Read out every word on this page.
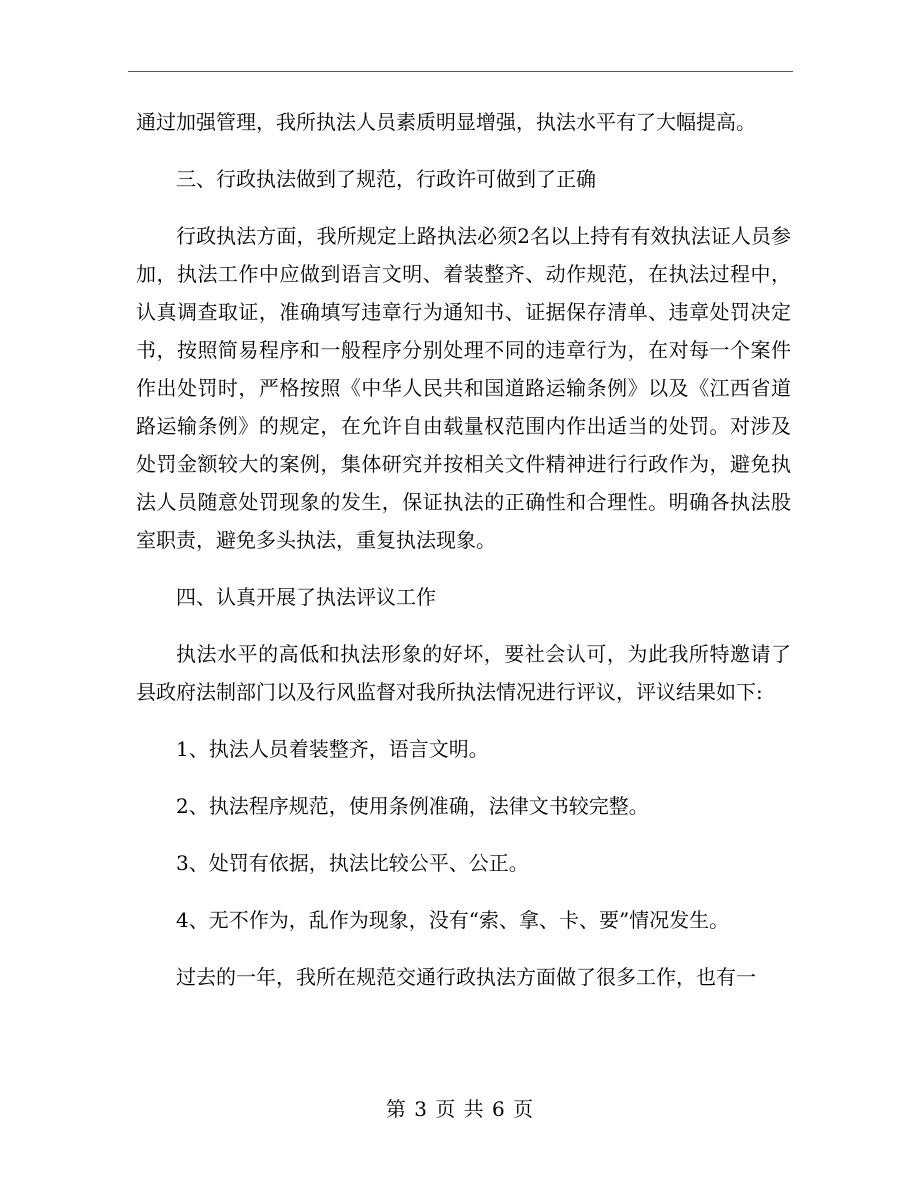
通过加强管理，我所执法人员素质明显增强，执法水平有了大幅提高。

三、行政执法做到了规范，行政许可做到了正确

行政执法方面，我所规定上路执法必须2名以上持有有效执法证人员参加，执法工作中应做到语言文明、着装整齐、动作规范，在执法过程中，认真调查取证，准确填写违章行为通知书、证据保存清单、违章处罚决定书，按照简易程序和一般程序分别处理不同的违章行为，在对每一个案件作出处罚时，严格按照《中华人民共和国道路运输条例》以及《江西省道路运输条例》的规定，在允许自由载量权范围内作出适当的处罚。对涉及处罚金额较大的案例，集体研究并按相关文件精神进行行政作为，避免执法人员随意处罚现象的发生，保证执法的正确性和合理性。明确各执法股室职责，避免多头执法，重复执法现象。

四、认真开展了执法评议工作

执法水平的高低和执法形象的好坏，要社会认可，为此我所特邀请了县政府法制部门以及行风监督对我所执法情况进行评议，评议结果如下:

1、执法人员着装整齐，语言文明。

2、执法程序规范，使用条例准确，法律文书较完整。

3、处罚有依据，执法比较公平、公正。

4、无不作为，乱作为现象，没有“索、拿、卡、要”情况发生。

过去的一年，我所在规范交通行政执法方面做了很多工作，也有一

第 3 页 共 6 页
